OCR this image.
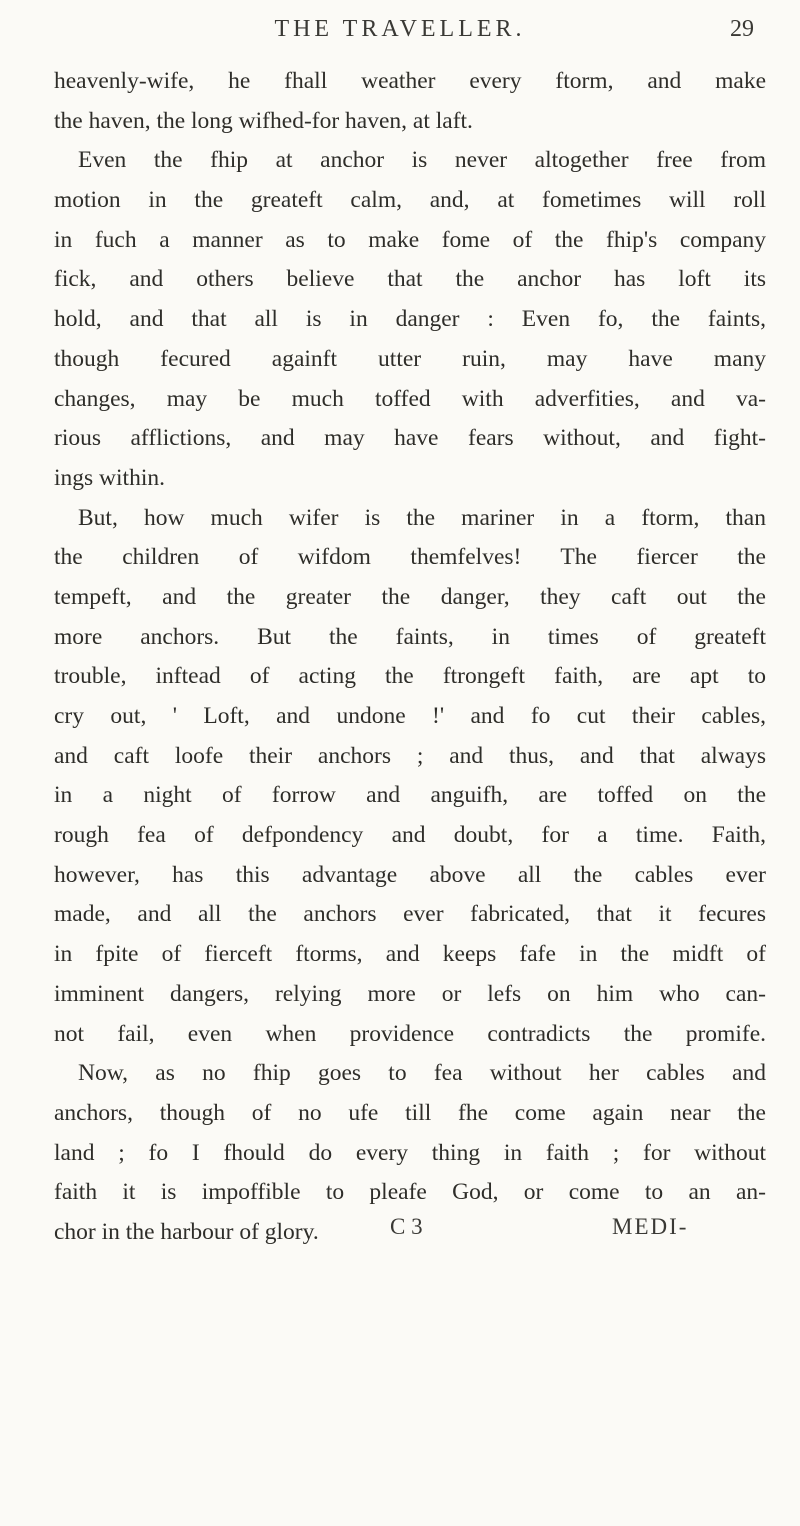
THE TRAVELLER.	29
heavenly-wife, he fhall weather every ftorm, and make
the haven, the long wifhed-for haven, at laft.
Even the fhip at anchor is never altogether free from
motion in the greateft calm, and, at fometimes will roll
in fuch a manner as to make fome of the fhip's company
fick, and others believe that the anchor has loft its
hold, and that all is in danger : Even fo, the faints,
though fecured againft utter ruin, may have many
changes, may be much toffed with adverfities, and va-
rious afflictions, and may have fears without, and fight-
ings within.
But, how much wifer is the mariner in a ftorm, than
the children of wifdom themfelves! The fiercer the
tempeft, and the greater the danger, they caft out the
more anchors. But the faints, in times of greateft
trouble, inftead of acting the ftrongeft faith, are apt to
cry out, ' Loft, and undone !' and fo cut their cables,
and caft loofe their anchors ; and thus, and that always
in a night of forrow and anguifh, are toffed on the
rough fea of defpondency and doubt, for a time. Faith,
however, has this advantage above all the cables ever
made, and all the anchors ever fabricated, that it fecures
in fpite of fierceft ftorms, and keeps fafe in the midft of
imminent dangers, relying more or lefs on him who can-
not fail, even when providence contradicts the promife.
Now, as no fhip goes to fea without her cables and
anchors, though of no ufe till fhe come again near the
land ; fo I fhould do every thing in faith ; for without
faith it is impoffible to pleafe God, or come to an an-
chor in the harbour of glory.	C 3	MEDI-
